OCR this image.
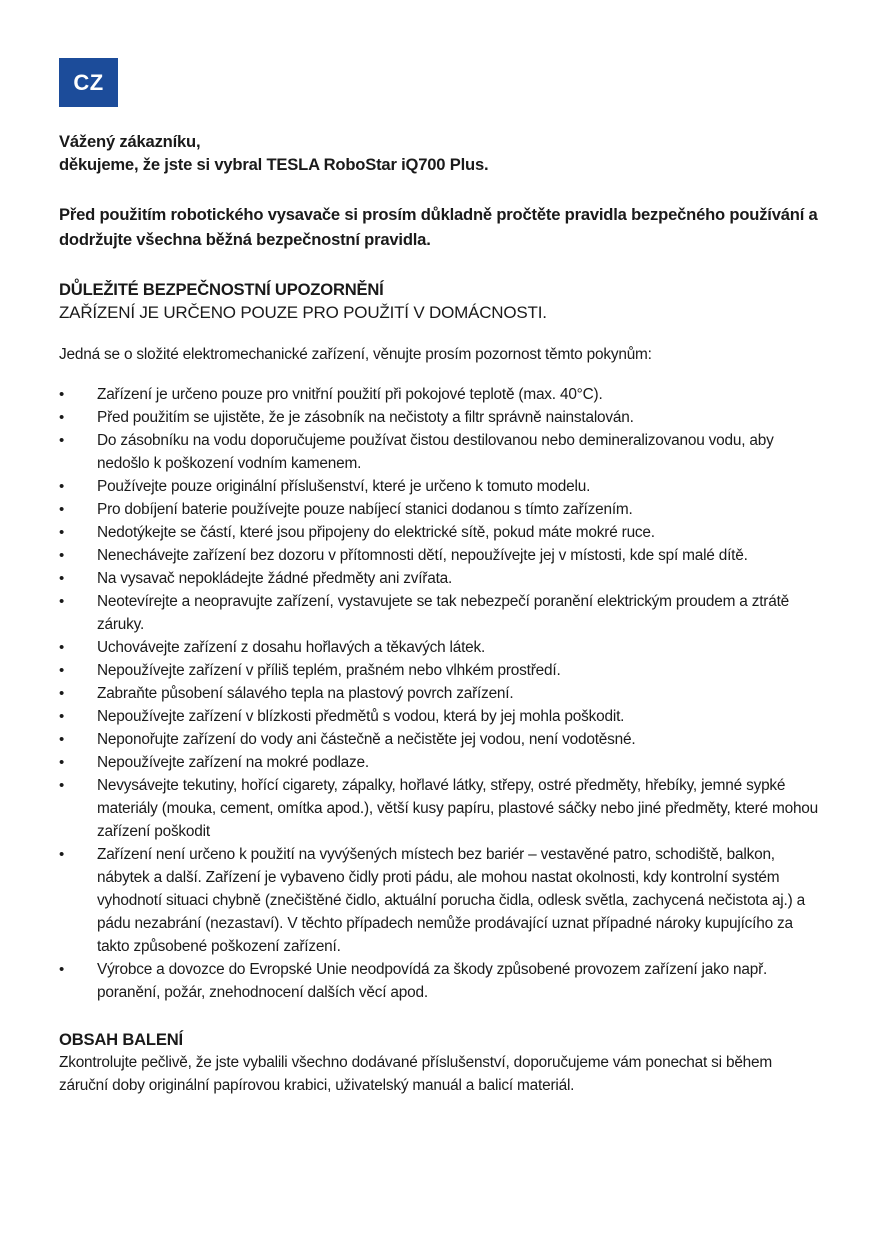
CZ

Vážený zákazníku,
děkujeme, že jste si vybral TESLA RoboStar iQ700 Plus.

Před použitím robotického vysavače si prosím důkladně pročtěte pravidla bezpečného používání a dodržujte všechna běžná bezpečnostní pravidla.

DŮLEŽITÉ BEZPEČNOSTNÍ UPOZORNĚNÍ

ZAŘÍZENÍ JE URČENO POUZE PRO POUŽITÍ V DOMÁCNOSTI.

Jedná se o složité elektromechanické zařízení, věnujte prosím pozornost těmto pokynům:

• Zařízení je určeno pouze pro vnitřní použití při pokojové teplotě (max. 40°C).
• Před použitím se ujistěte, že je zásobník na nečistoty a filtr správně nainstalován.
• Do zásobníku na vodu doporučujeme používat čistou destilovanou nebo demineralizovanou vodu, aby nedošlo k poškození vodním kamenem.
• Používejte pouze originální příslušenství, které je určeno k tomuto modelu.
• Pro dobíjení baterie používejte pouze nabíjecí stanici dodanou s tímto zařízením.
• Nedotýkejte se částí, které jsou připojeny do elektrické sítě, pokud máte mokré ruce.
• Nenechávejte zařízení bez dozoru v přítomnosti dětí, nepoužívejte jej v místosti, kde spí malé dítě.
• Na vysavač nepokládejte žádné předměty ani zvířata.
• Neotevírejte a neopravujte zařízení, vystavujete se tak nebezpečí poranění elektrickým proudem a ztrátě záruky.
• Uchovávejte zařízení z dosahu hořlavých a těkavých látek.
• Nepoužívejte zařízení v příliš teplém, prašném nebo vlhkém prostředí.
• Zabraňte působení sálavého tepla na plastový povrch zařízení.
• Nepoužívejte zařízení v blízkosti předmětů s vodou, která by jej mohla poškodit.
• Neponořujte zařízení do vody ani částečně a nečistěte jej vodou, není vodotěsné.
• Nepoužívejte zařízení na mokré podlaze.
• Nevysávejte tekutiny, hořící cigarety, zápalky, hořlavé látky, střepy, ostré předměty, hřebíky, jemné sypké materiály (mouka, cement, omítka apod.), větší kusy papíru, plastové sáčky nebo jiné předměty, které mohou zařízení poškodit
• Zařízení není určeno k použití na vyvýšených místech bez bariér – vestavěné patro, schodiště, balkon, nábytek a další. Zařízení je vybaveno čidly proti pádu, ale mohou nastat okolnosti, kdy kontrolní systém vyhodnotí situaci chybně (znečištěné čidlo, aktuální porucha čidla, odlesk světla, zachycená nečistota aj.) a pádu nezabrání (nezastaví). V těchto případech nemůže prodávající uznat případné nároky kupujícího za takto způsobené poškození zařízení.
• Výrobce a dovozce do Evropské Unie neodpovídá za škody způsobené provozem zařízení jako např. poranění, požár, znehodnocení dalších věcí apod.

OBSAH BALENÍ

Zkontrolujte pečlivě, že jste vybalili všechno dodávané příslušenství, doporučujeme vám ponechat si během záruční doby originální papírovou krabici, uživatelský manuál a balicí materiál.
